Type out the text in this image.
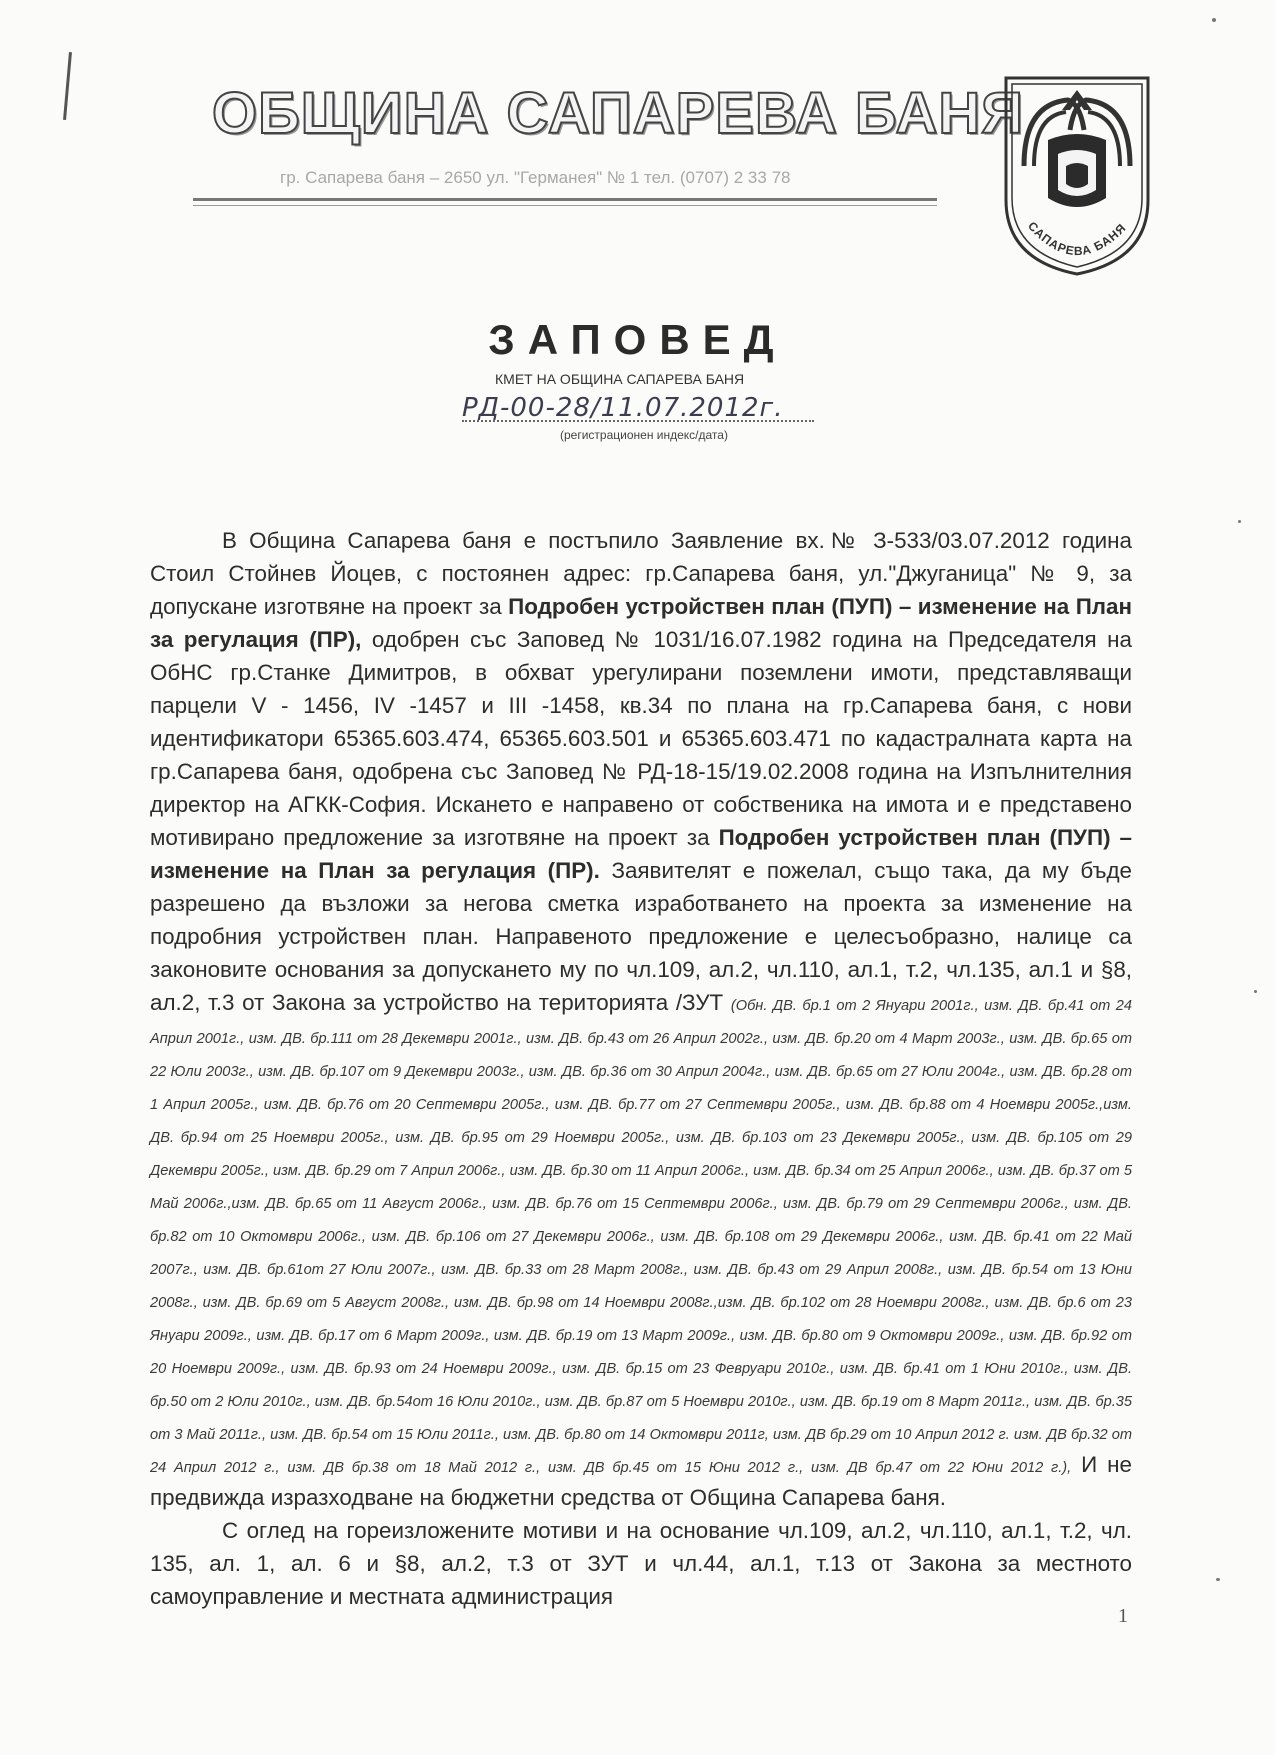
ОБЩИНА САПАРЕВА БАНЯ
гр. Сапарева баня – 2650 ул. "Германея" № 1 тел. (0707) 2 33 78
САПАРЕВА БАНЯ
ЗАПОВЕД
КМЕТ НА ОБЩИНА САПАРЕВА БАНЯ
РД-00-28/11.07.2012г.
(регистрационен индекс/дата)

В Община Сапарева баня е постъпило Заявление вх.№ З-533/03.07.2012 година Стоил Стойнев Йоцев, с постоянен адрес: гр.Сапарева баня, ул."Джуганица" № 9, за допускане изготвяне на проект за Подробен устройствен план (ПУП) – изменение на План за регулация (ПР), одобрен със Заповед № 1031/16.07.1982 година на Председателя на ОбНС гр.Станке Димитров, в обхват урегулирани поземлени имоти, представляващи парцели V - 1456, IV -1457 и III -1458, кв.34 по плана на гр.Сапарева баня, с нови идентификатори 65365.603.474, 65365.603.501 и 65365.603.471 по кадастралната карта на гр.Сапарева баня, одобрена със Заповед № РД-18-15/19.02.2008 година на Изпълнителния директор на АГКК-София. Искането е направено от собственика на имота и е представено мотивирано предложение за изготвяне на проект за Подробен устройствен план (ПУП) – изменение на План за регулация (ПР). Заявителят е пожелал, също така, да му бъде разрешено да възложи за негова сметка изработването на проекта за изменение на подробния устройствен план. Направеното предложение е целесъобразно, налице са законовите основания за допускането му по чл.109, ал.2, чл.110, ал.1, т.2, чл.135, ал.1 и §8, ал.2, т.3 от Закона за устройство на територията /ЗУТ (Обн. ДВ. бр.1 от 2 Януари 2001г., изм. ДВ. бр.41 от 24 Април 2001г., изм. ДВ. бр.111 от 28 Декември 2001г., изм. ДВ. бр.43 от 26 Април 2002г., изм. ДВ. бр.20 от 4 Март 2003г., изм. ДВ. бр.65 от 22 Юли 2003г., изм. ДВ. бр.107 от 9 Декември 2003г., изм. ДВ. бр.36 от 30 Април 2004г., изм. ДВ. бр.65 от 27 Юли 2004г., изм. ДВ. бр.28 от 1 Април 2005г., изм. ДВ. бр.76 от 20 Септември 2005г., изм. ДВ. бр.77 от 27 Септември 2005г., изм. ДВ. бр.88 от 4 Ноември 2005г.,изм. ДВ. бр.94 от 25 Ноември 2005г., изм. ДВ. бр.95 от 29 Ноември 2005г., изм. ДВ. бр.103 от 23 Декември 2005г., изм. ДВ. бр.105 от 29 Декември 2005г., изм. ДВ. бр.29 от 7 Април 2006г., изм. ДВ. бр.30 от 11 Април 2006г., изм. ДВ. бр.34 от 25 Април 2006г., изм. ДВ. бр.37 от 5 Май 2006г.,изм. ДВ. бр.65 от 11 Август 2006г., изм. ДВ. бр.76 от 15 Септември 2006г., изм. ДВ. бр.79 от 29 Септември 2006г., изм. ДВ. бр.82 от 10 Октомври 2006г., изм. ДВ. бр.106 от 27 Декември 2006г., изм. ДВ. бр.108 от 29 Декември 2006г., изм. ДВ. бр.41 от 22 Май 2007г., изм. ДВ. бр.61от 27 Юли 2007г., изм. ДВ. бр.33 от 28 Март 2008г., изм. ДВ. бр.43 от 29 Април 2008г., изм. ДВ. бр.54 от 13 Юни 2008г., изм. ДВ. бр.69 от 5 Август 2008г., изм. ДВ. бр.98 от 14 Ноември 2008г.,изм. ДВ. бр.102 от 28 Ноември 2008г., изм. ДВ. бр.6 от 23 Януари 2009г., изм. ДВ. бр.17 от 6 Март 2009г., изм. ДВ. бр.19 от 13 Март 2009г., изм. ДВ. бр.80 от 9 Октомври 2009г., изм. ДВ. бр.92 от 20 Ноември 2009г., изм. ДВ. бр.93 от 24 Ноември 2009г., изм. ДВ. бр.15 от 23 Февруари 2010г., изм. ДВ. бр.41 от 1 Юни 2010г., изм. ДВ. бр.50 от 2 Юли 2010г., изм. ДВ. бр.54от 16 Юли 2010г., изм. ДВ. бр.87 от 5 Ноември 2010г., изм. ДВ. бр.19 от 8 Март 2011г., изм. ДВ. бр.35 от 3 Май 2011г., изм. ДВ. бр.54 от 15 Юли 2011г., изм. ДВ. бр.80 от 14 Октомври 2011г, изм. ДВ бр.29 от 10 Април 2012 г. изм. ДВ бр.32 от 24 Април 2012 г., изм. ДВ бр.38 от 18 Май 2012 г., изм. ДВ бр.45 от 15 Юни 2012 г., изм. ДВ бр.47 от 22 Юни 2012 г.), И не предвижда изразходване на бюджетни средства от Община Сапарева баня.

С оглед на гореизложените мотиви и на основание чл.109, ал.2, чл.110, ал.1, т.2, чл. 135, ал. 1, ал. 6 и §8, ал.2, т.3 от ЗУТ и чл.44, ал.1, т.13 от Закона за местното самоуправление и местната администрация

1
